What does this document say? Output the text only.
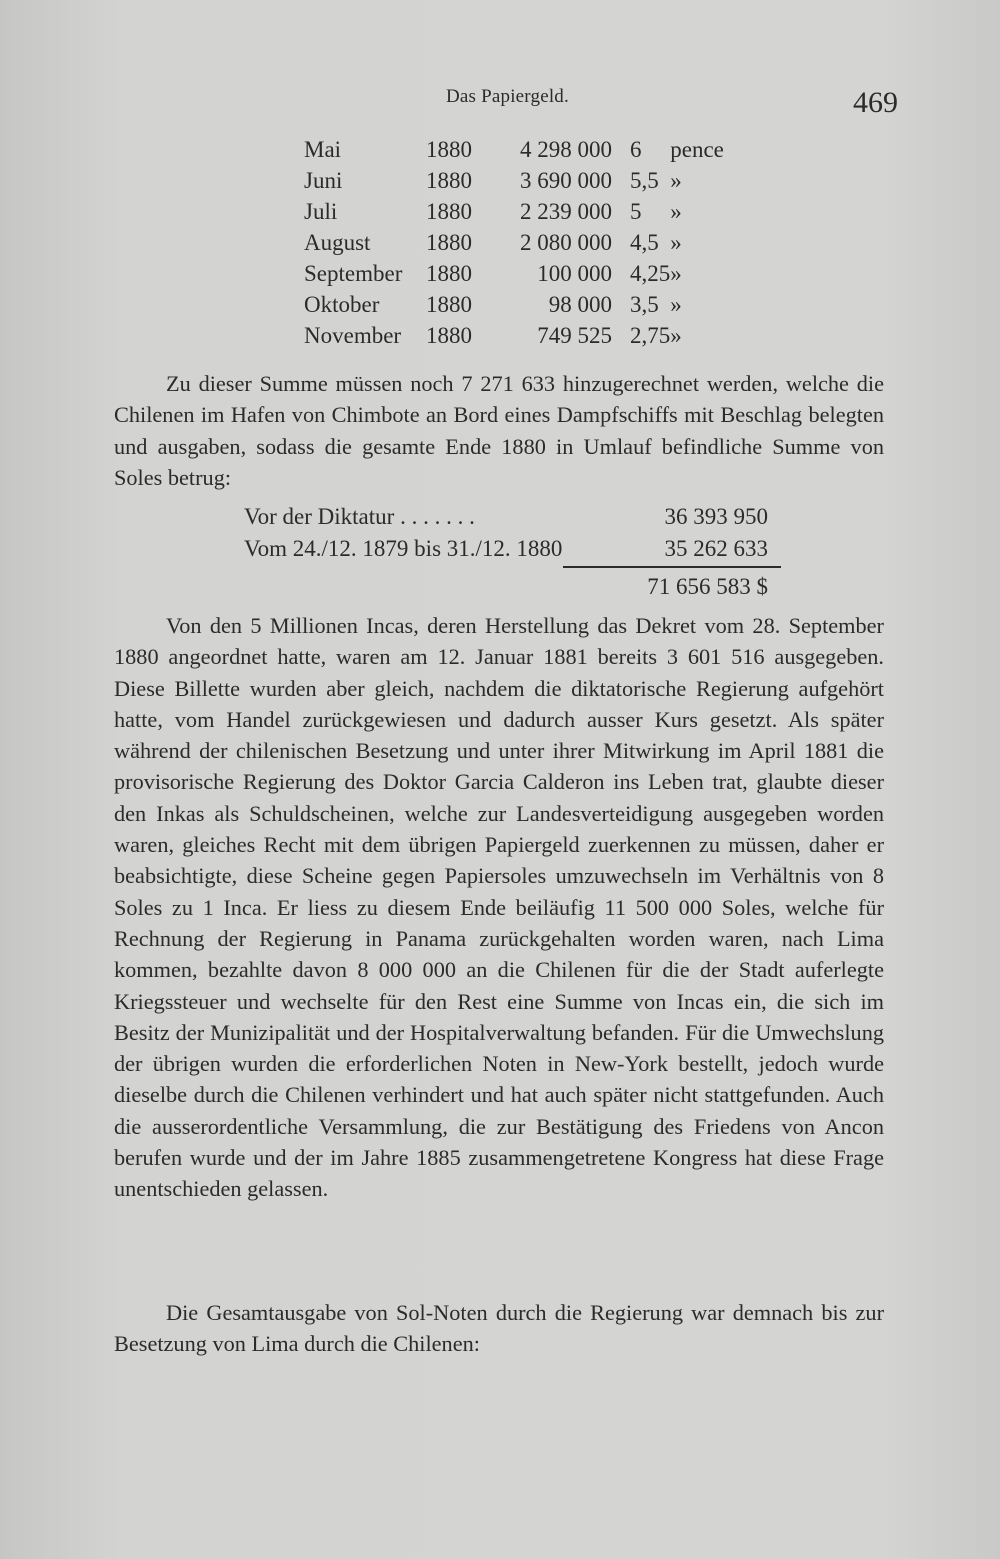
Das Papiergeld.	469
Mai	1880	4 298 000	6	pence
Juni	1880	3 690 000	5,5	»
Juli	1880	2 239 000	5	»
August	1880	2 080 000	4,5	»
September	1880	100 000	4,25	»
Oktober	1880	98 000	3,5	»
November	1880	749 525	2,75	»

Zu dieser Summe müssen noch 7 271 633 hinzugerechnet werden, welche die Chilenen im Hafen von Chimbote an Bord eines Dampfschiffs mit Beschlag belegten und ausgaben, sodass die gesamte Ende 1880 in Umlauf befindliche Summe von Soles betrug:

Vor der Diktatur . . . . . . .	36 393 950
Vom 24./12. 1879 bis 31./12. 1880	35 262 633
71 656 583 $

Von den 5 Millionen Incas, deren Herstellung das Dekret vom 28. September 1880 angeordnet hatte, waren am 12. Januar 1881 bereits 3 601 516 ausgegeben. Diese Billette wurden aber gleich, nachdem die diktatorische Regierung aufgehört hatte, vom Handel zurückgewiesen und dadurch ausser Kurs gesetzt. Als später während der chilenischen Besetzung und unter ihrer Mitwirkung im April 1881 die provisorische Regierung des Doktor Garcia Calderon ins Leben trat, glaubte dieser den Inkas als Schuldscheinen, welche zur Landesverteidigung ausgegeben worden waren, gleiches Recht mit dem übrigen Papiergeld zuerkennen zu müssen, daher er beabsichtigte, diese Scheine gegen Papiersoles umzuwechseln im Verhältnis von 8 Soles zu 1 Inca. Er liess zu diesem Ende beiläufig 11 500 000 Soles, welche für Rechnung der Regierung in Panama zurückgehalten worden waren, nach Lima kommen, bezahlte davon 8 000 000 an die Chilenen für die der Stadt auferlegte Kriegssteuer und wechselte für den Rest eine Summe von Incas ein, die sich im Besitz der Munizipalität und der Hospitalverwaltung befanden. Für die Umwechslung der übrigen wurden die erforderlichen Noten in New-York bestellt, jedoch wurde dieselbe durch die Chilenen verhindert und hat auch später nicht stattgefunden. Auch die ausserordentliche Versammlung, die zur Bestätigung des Friedens von Ancon berufen wurde und der im Jahre 1885 zusammengetretene Kongress hat diese Frage unentschieden gelassen.

Die Gesamtausgabe von Sol-Noten durch die Regierung war demnach bis zur Besetzung von Lima durch die Chilenen:
